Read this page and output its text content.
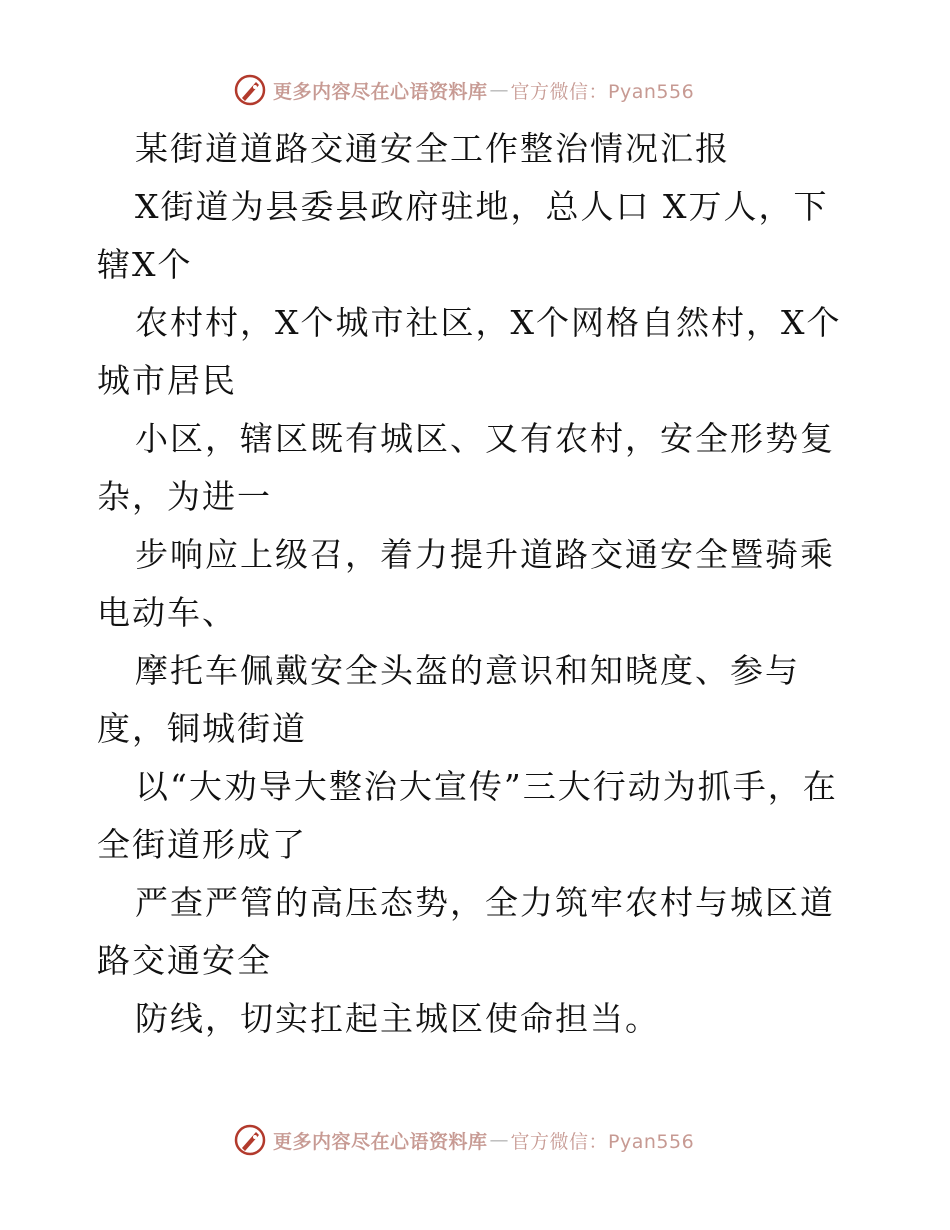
更多内容尽在心语资料库 — 官方微信：Pyan556

某街道道路交通安全工作整治情况汇报

X街道为县委县政府驻地，总人口 X万人，下辖X个

农村村，X个城市社区，X个网格自然村，X个城市居民

小区，辖区既有城区、又有农村，安全形势复杂，为进一

步响应上级召，着力提升道路交通安全暨骑乘电动车、

摩托车佩戴安全头盔的意识和知晓度、参与度，铜城街道

以“大劝导大整治大宣传”三大行动为抓手，在全街道形成了

严查严管的高压态势，全力筑牢农村与城区道路交通安全

防线，切实扛起主城区使命担当。

更多内容尽在心语资料库 — 官方微信：Pyan556
